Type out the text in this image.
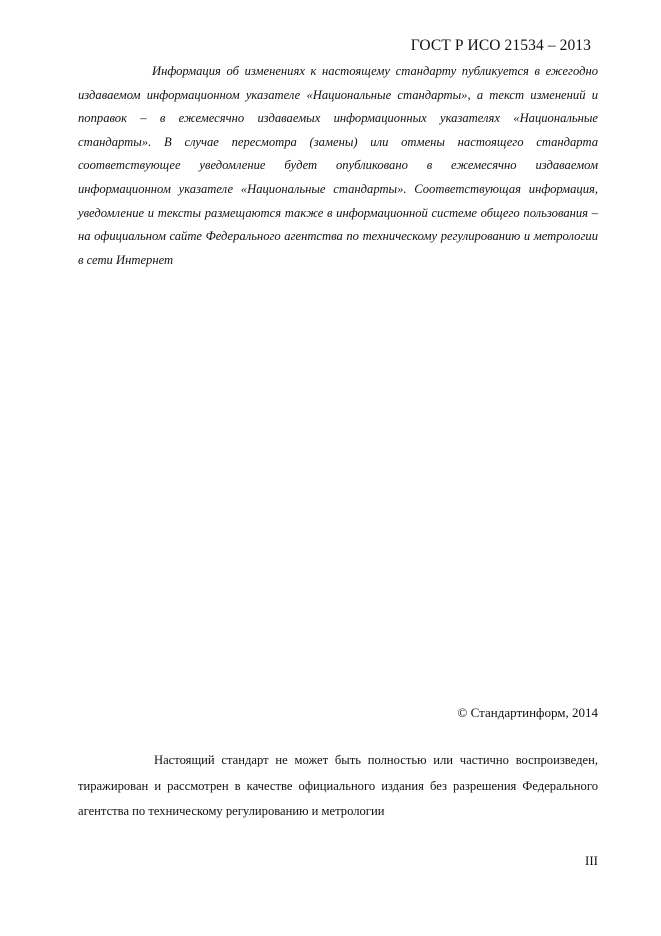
ГОСТ Р ИСО 21534 – 2013

Информация об изменениях к настоящему стандарту публикуется в ежегодно издаваемом информационном указателе «Национальные стандарты», а текст изменений и поправок – в ежемесячно издаваемых информационных указателях «Национальные стандарты». В случае пересмотра (замены) или отмены настоящего стандарта соответствующее уведомление будет опубликовано в ежемесячно издаваемом информационном указателе «Национальные стандарты». Соответствующая информация, уведомление и тексты размещаются также в информационной системе общего пользования – на официальном сайте Федерального агентства по техническому регулированию и метрологии в сети Интернет

© Стандартинформ, 2014

Настоящий стандарт не может быть полностью или частично воспроизведен, тиражирован и рассмотрен в качестве официального издания без разрешения Федерального агентства по техническому регулированию и метрологии

III
